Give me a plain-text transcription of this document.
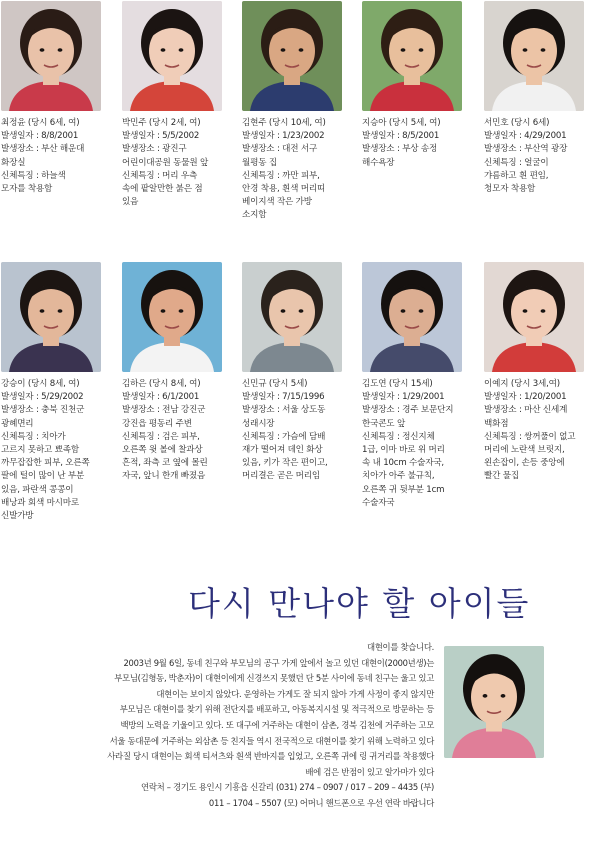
최정윤 (당시 6세, 여)
발생일자 : 8/8/2001
발생장소 : 부산 해운대
화장실
신체특징 : 하늘색
모자를 착용함
박민주 (당시 2세, 여)
발생일자 : 5/5/2002
발생장소 : 광진구
어린이대공원 동물원 앞
신체특징 : 머리 우측
속에 팥알만한 붉은 점
있음
김현주 (당시 10세, 여)
발생일자 : 1/23/2002
발생장소 : 대전 서구
월평동 집
신체특징 : 까만 피부,
안경 착용, 흰색 머리띠
베이지색 작은 가방
소지함
지승아 (당시 5세, 여)
발생일자 : 8/5/2001
발생장소 : 부상 송정
해수욕장
서민호 (당시 6세)
발생일자 : 4/29/2001
발생장소 : 부산역 광장
신체특징 : 얼굴이
갸름하고 흰 편임,
청모자 착용함
강승이 (당시 8세, 여)
발생일자 : 5/29/2002
발생장소 : 충북 진천군
광혜면리
신체특징 : 치아가
고르지 못하고 뾰족함
까무잡잡한 피부, 오른쪽
팔에 털이 많이 난 부분
있음, 파란색 콩콩이
배낭과 회색 마시마로
신발가방
김하은 (당시 8세, 여)
발생일자 : 6/1/2001
발생장소 : 전남 강진군
강진읍 평동리 주변
신체특징 : 검은 피부,
오른쪽 윗 볼에 찰과상
흔적, 좌측 코 옆에 몰린
자국, 앞니 한개 빠졌음
신민규 (당시 5세)
발생일자 : 7/15/1996
발생장소 : 서울 상도동
성래시장
신체특징 : 가슴에 담배
재가 떨어져 데인 화상
있음, 키가 작은 편이고,
머리결은 곧은 머리임
김도연 (당시 15세)
발생일자 : 1/29/2001
발생장소 : 경주 보문단지
한국콘도 앞
신체특징 : 정신지체
1급, 이마 바로 위 머리
속 내 10cm 수술자국,
치아가 아주 불규칙,
오른쪽 귀 뒷부분 1cm
수술자국
이예지 (당시 3세,여)
발생일자 : 1/20/2001
발생장소 : 마산 신세계
백화점
신체특징 : 쌍꺼풀이 없고
머리에 노란색 브릿지,
왼손잡이, 손등 중앙에
빨간 물집
다시 만나야 할 아이들
대현이를 찾습니다.
2003년 9월 6일, 동네 친구와 부모님의 공구 가게 앞에서 놀고 있던 대현이(2000년생)는
부모님(김형동, 박춘자)이 대현이에게 신경쓰지 못했던 단 5분 사이에 동네 친구는 울고 있고
대현이는 보이지 않았다. 운영하는 가게도 잘 되지 않아 가게 사정이 좋지 않지만
부모님은 대현이를 찾기 위해 전단지를 배포하고, 아동복지시설 및 적극적으로 방문하는 등
백방의 노력을 기울이고 있다. 또 대구에 거주하는 대현이 삼촌, 경북 김천에 거주하는 고모
서울 동대문에 거주하는 외삼촌 등 친지들 역시 전국적으로 대현이를 찾기 위해 노력하고 있다
사라질 당시 대현이는 회색 티셔츠와 흰색 반바지를 입었고, 오른쪽 귀에 링 귀거리를 착용했다
배에 검은 반점이 있고 알가마가 있다
연락처 – 경기도 용인시 기흥읍 신갈리 (031) 274 – 0907 / 017 – 209 – 4435 (부)
011 – 1704 – 5507 (모) 어머니 핸드폰으로 우선 연락 바랍니다
